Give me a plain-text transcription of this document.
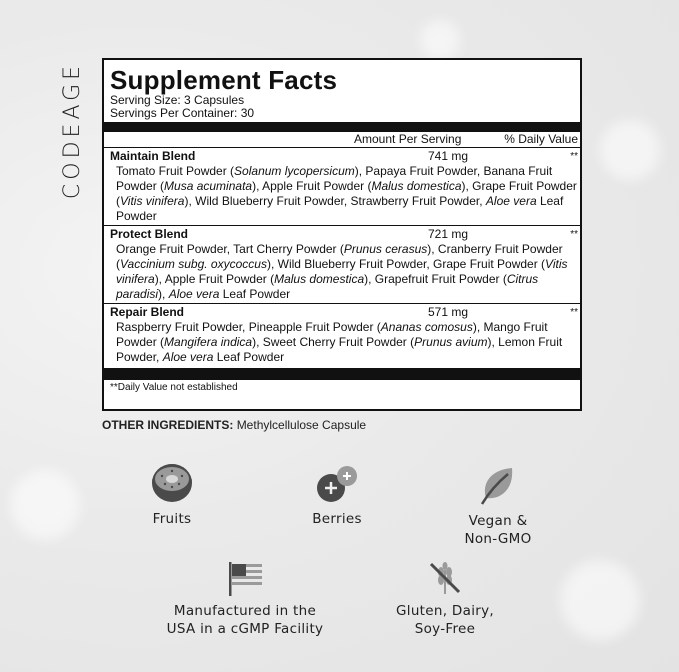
CODEAGE Supplement Facts
Serving Size: 3 Capsules
Servings Per Container: 30
Amount Per Serving	% Daily Value
Maintain Blend	741 mg	**
Tomato Fruit Powder (Solanum lycopersicum), Papaya Fruit Powder, Banana Fruit Powder (Musa acuminata), Apple Fruit Powder (Malus domestica), Grape Fruit Powder (Vitis vinifera), Wild Blueberry Fruit Powder, Strawberry Fruit Powder, Aloe vera Leaf Powder
Protect Blend	721 mg	**
Orange Fruit Powder, Tart Cherry Powder (Prunus cerasus), Cranberry Fruit Powder (Vaccinium subg. oxycoccus), Wild Blueberry Fruit Powder, Grape Fruit Powder (Vitis vinifera), Apple Fruit Powder (Malus domestica), Grapefruit Fruit Powder (Citrus paradisi), Aloe vera Leaf Powder
Repair Blend	571 mg	**
Raspberry Fruit Powder, Pineapple Fruit Powder (Ananas comosus), Mango Fruit Powder (Mangifera indica), Sweet Cherry Fruit Powder (Prunus avium), Lemon Fruit Powder, Aloe vera Leaf Powder
**Daily Value not established
OTHER INGREDIENTS: Methylcellulose Capsule
Fruits	Berries	Vegan &
Non-GMO
Manufactured in the
USA in a cGMP Facility
Gluten, Dairy,
Soy-Free
